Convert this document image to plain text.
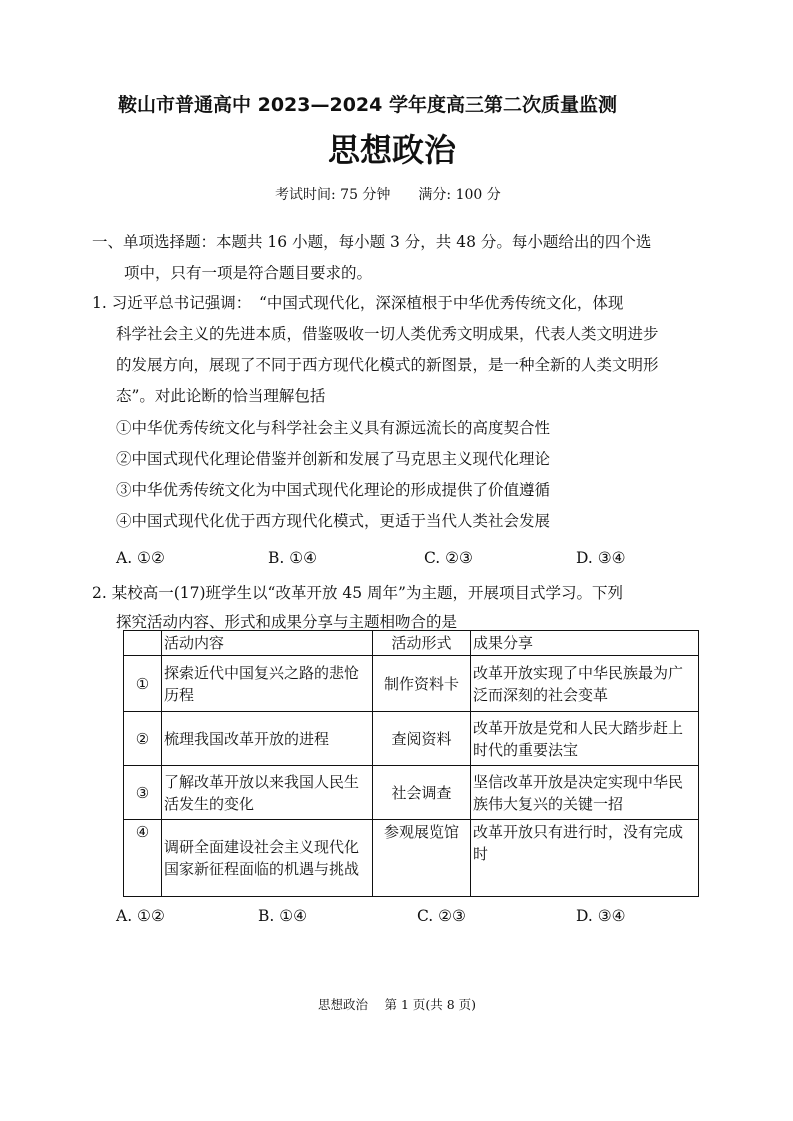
鞍山市普通高中 2023—2024 学年度高三第二次质量监测
思想政治
考试时间: 75 分钟　　满分: 100 分
一、单项选择题：本题共 16 小题，每小题 3 分，共 48 分。每小题给出的四个选
项中，只有一项是符合题目要求的。
1. 习近平总书记强调：　“中国式现代化，深深植根于中华优秀传统文化，体现
科学社会主义的先进本质，借鉴吸收一切人类优秀文明成果，代表人类文明进步
的发展方向，展现了不同于西方现代化模式的新图景，是一种全新的人类文明形
态”。对此论断的恰当理解包括
①中华优秀传统文化与科学社会主义具有源远流长的高度契合性
②中国式现代化理论借鉴并创新和发展了马克思主义现代化理论
③中华优秀传统文化为中国式现代化理论的形成提供了价值遵循
④中国式现代化优于西方现代化模式，更适于当代人类社会发展
A. ①②	B. ①④	C. ②③	D. ③④
2. 某校高一(17)班学生以“改革开放 45 周年”为主题，开展项目式学习。下列
探究活动内容、形式和成果分享与主题相吻合的是
	活动内容	活动形式	成果分享
①	探索近代中国复兴之路的悲怆历程	制作资料卡	改革开放实现了中华民族最为广泛而深刻的社会变革
②	梳理我国改革开放的进程	查阅资料	改革开放是党和人民大踏步赶上时代的重要法宝
③	了解改革开放以来我国人民生活发生的变化	社会调查	坚信改革开放是决定实现中华民族伟大复兴的关键一招
④	调研全面建设社会主义现代化国家新征程面临的机遇与挑战	参观展览馆	改革开放只有进行时，没有完成时
A. ①②	B. ①④	C. ②③	D. ③④
思想政治　 第 1 页(共 8 页)
